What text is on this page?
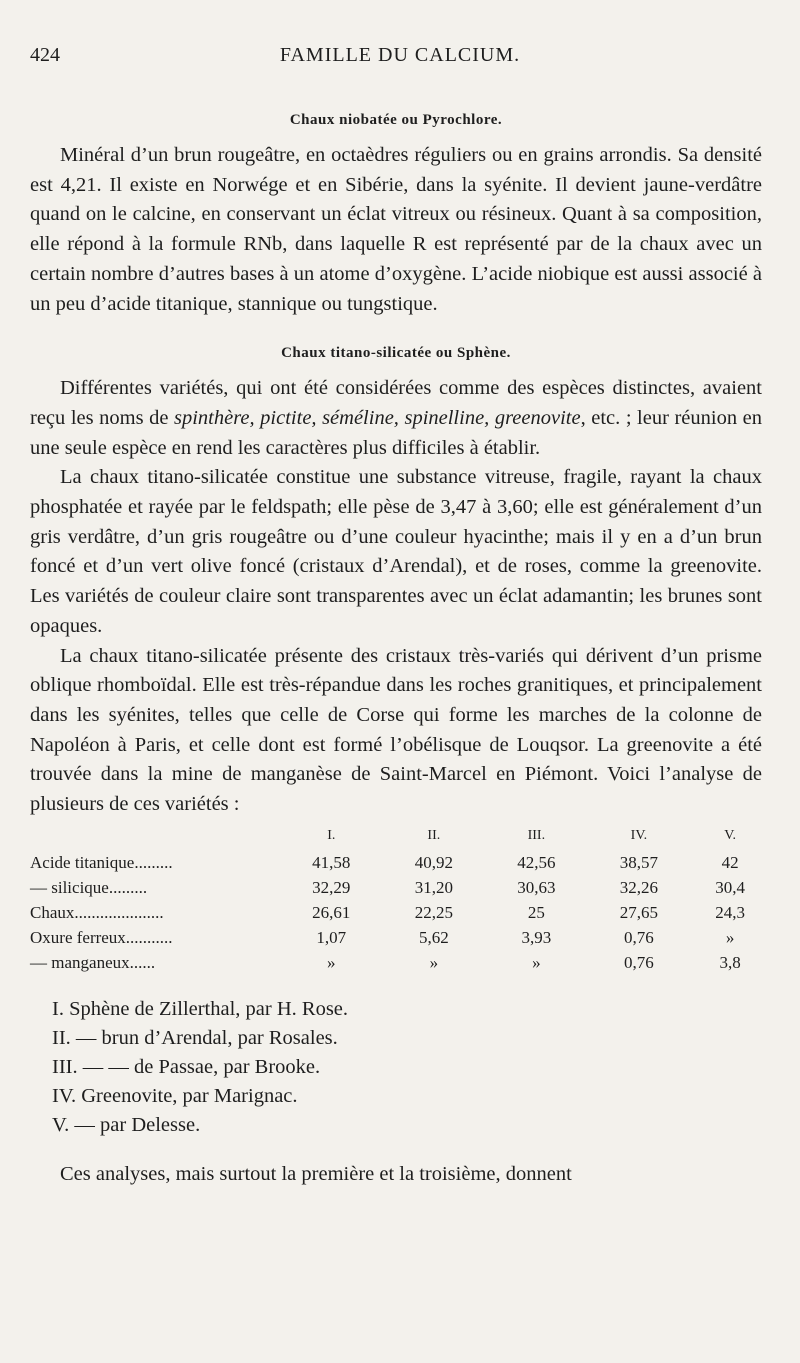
424	FAMILLE DU CALCIUM.
Chaux niobatée ou Pyrochlore.

Minéral d’un brun rougeâtre, en octaèdres réguliers ou en grains arrondis. Sa densité est 4,21. Il existe en Norwége et en Sibérie, dans la syénite. Il devient jaune-verdâtre quand on le calcine, en conservant un éclat vitreux ou résineux. Quant à sa composition, elle répond à la formule RNb, dans laquelle R est représenté par de la chaux avec un certain nombre d’autres bases à un atome d’oxygène. L’acide niobique est aussi associé à un peu d’acide titanique, stannique ou tungstique.

Chaux titano-silicatée ou Sphène.

Différentes variétés, qui ont été considérées comme des espèces distinctes, avaient reçu les noms de spinthère, pictite, séméline, spinelline, greenovite, etc. ; leur réunion en une seule espèce en rend les caractères plus difficiles à établir.

La chaux titano-silicatée constitue une substance vitreuse, fragile, rayant la chaux phosphatée et rayée par le feldspath; elle pèse de 3,47 à 3,60; elle est généralement d’un gris verdâtre, d’un gris rougeâtre ou d’une couleur hyacinthe; mais il y en a d’un brun foncé et d’un vert olive foncé (cristaux d’Arendal), et de roses, comme la greenovite. Les variétés de couleur claire sont transparentes avec un éclat adamantin; les brunes sont opaques.

La chaux titano-silicatée présente des cristaux très-variés qui dérivent d’un prisme oblique rhomboïdal. Elle est très-répandue dans les roches granitiques, et principalement dans les syénites, telles que celle de Corse qui forme les marches de la colonne de Napoléon à Paris, et celle dont est formé l’obélisque de Louqsor. La greenovite a été trouvée dans la mine de manganèse de Saint-Marcel en Piémont. Voici l’analyse de plusieurs de ces variétés :

	I.	II.	III.	IV.	V.
Acide titanique.........	41,58	40,92	42,56	38,57	42
— silicique.........	32,29	31,20	30,63	32,26	30,4
Chaux.....................	26,61	22,25	25	27,65	24,3
Oxure ferreux...........	1,07	5,62	3,93	0,76	»
— manganeux......	»	»	»	0,76	3,8
I. Sphène de Zillerthal, par H. Rose.
II. — brun d’Arendal, par Rosales.
III. — — de Passae, par Brooke.
IV. Greenovite, par Marignac.
V. — par Delesse.

Ces analyses, mais surtout la première et la troisième, donnent
